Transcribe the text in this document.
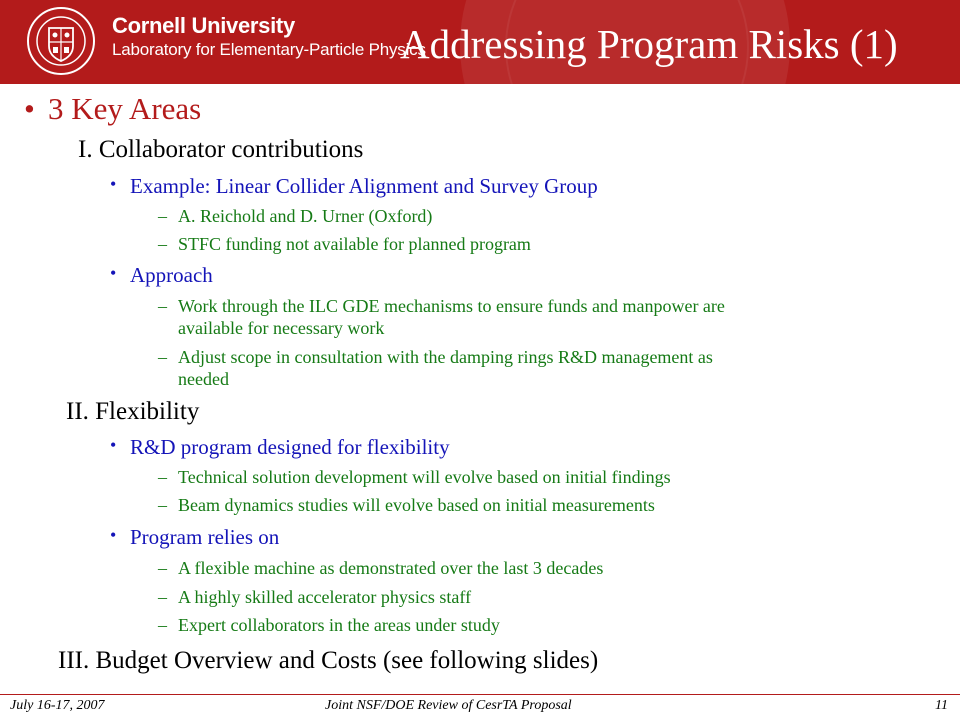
Cornell University
Laboratory for Elementary-Particle Physics
Addressing Program Risks (1)
• 3 Key Areas
I. Collaborator contributions
• Example: Linear Collider Alignment and Survey Group
– A. Reichold and D. Urner (Oxford)
– STFC funding not available for planned program
• Approach
– Work through the ILC GDE mechanisms to ensure funds and manpower are
available for necessary work
– Adjust scope in consultation with the damping rings R&D management as
needed
II. Flexibility
• R&D program designed for flexibility
– Technical solution development will evolve based on initial findings
– Beam dynamics studies will evolve based on initial measurements
• Program relies on
– A flexible machine as demonstrated over the last 3 decades
– A highly skilled accelerator physics staff
– Expert collaborators in the areas under study
III. Budget Overview and Costs (see following slides)
July 16-17, 2007	Joint NSF/DOE Review of CesrTA Proposal	11
